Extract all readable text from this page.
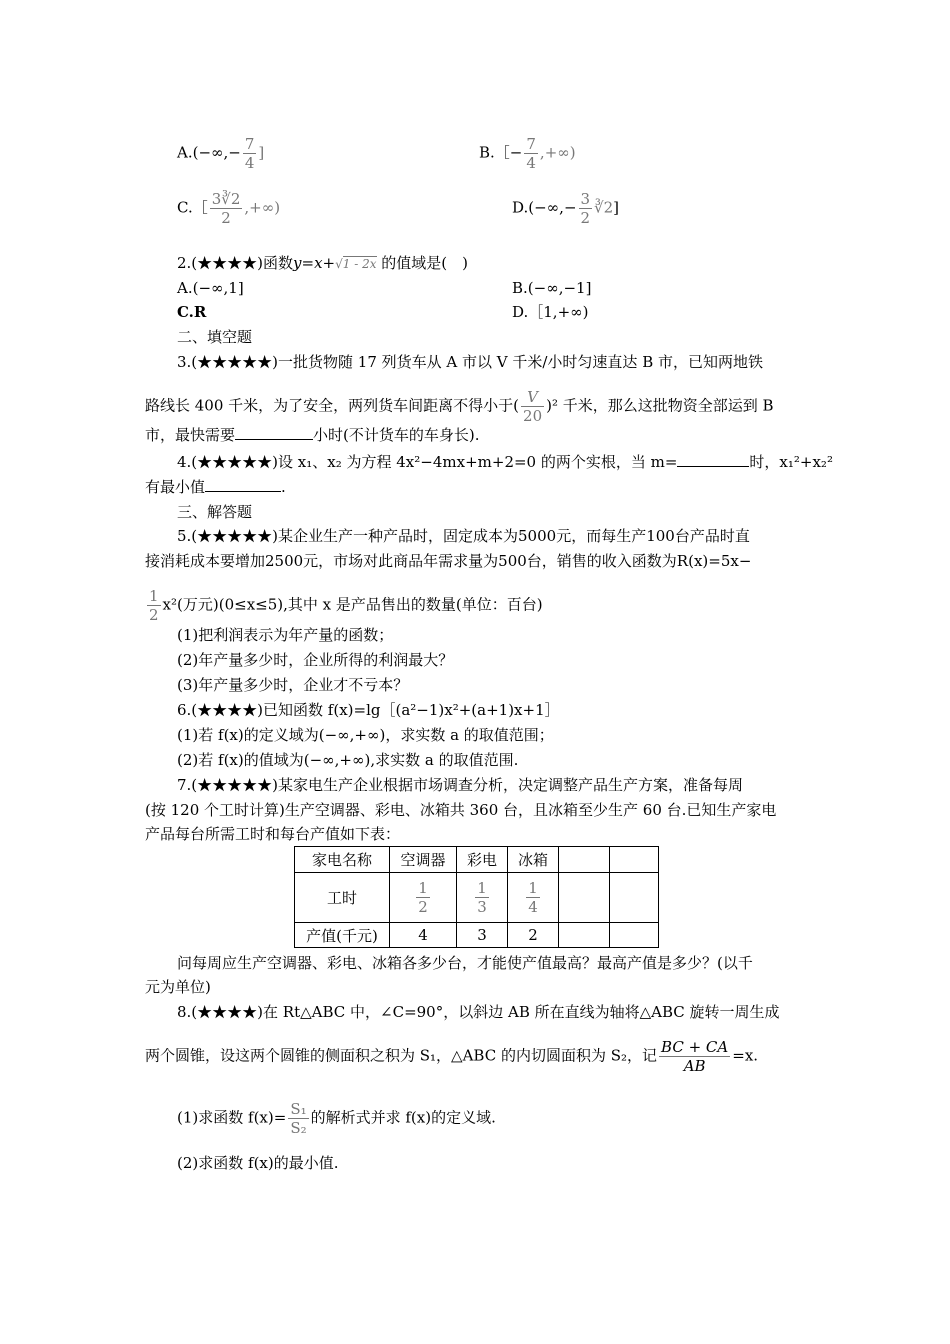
$A.(-\infty,- \frac{7}{4}$ ]	B.［− $\frac{7}{4}$ ,+∞)
C.［ $\frac{3∛2}{2}$ ,+∞)	$D.(-\infty,- \frac{3}{2}$ ∛2]
2.(★★★★)函数y=x+√1 - 2x 的值域是(　)
A.(−∞,1]	B.(−∞,−1]
C.R	D.［1,+∞)
二、填空题
3.(★★★★★)一批货物随 17 列货车从 A 市以 V 千米/小时匀速直达 B 市，已知两地铁
路线长 400 千米，为了安全，两列货车间距离不得小于( $\frac{V}{20} )^2$ 千米，那么这批物资全部运到 B
市，最快需要	小时(不计货车的车身长).
4.(★★★★★)设 x₁、x₂ 为方程 4x²−4mx+m+2=0 的两个实根，当 m=	时，x₁²+x₂²
有最小值	.
三、解答题
5.(★★★★★)某企业生产一种产品时，固定成本为5000元，而每生产100台产品时直
接消耗成本要增加2500元，市场对此商品年需求量为500台，销售的收入函数为R(x)=5x−
$\frac{1}{2} x^2$(万元)(0≤x≤5),其中 x 是产品售出的数量(单位：百台)
(1)把利润表示为年产量的函数；
(2)年产量多少时，企业所得的利润最大？
(3)年产量多少时，企业才不亏本？
6.(★★★★)已知函数 f(x)=lg［(a²−1)x²+(a+1)x+1］
(1)若 f(x)的定义域为(−∞,+∞)，求实数 a 的取值范围；
(2)若 f(x)的值域为(−∞,+∞),求实数 a 的取值范围.
7.(★★★★★)某家电生产企业根据市场调查分析，决定调整产品生产方案，准备每周
(按 120 个工时计算)生产空调器、彩电、冰箱共 360 台，且冰箱至少生产 60 台.已知生产家电
产品每台所需工时和每台产值如下表：
家电名称	空调器	彩电	冰箱		
工时	$\frac{1}{2}$	$\frac{1}{3}$	$\frac{1}{4}$

产值(千元)	4	3	2		
问每周应生产空调器、彩电、冰箱各多少台，才能使产值最高？最高产值是多少？(以千
元为单位)
8.(★★★★)在 Rt△ABC 中，∠C=90°，以斜边 AB 所在直线为轴将△ABC 旋转一周生成
两个圆锥，设这两个圆锥的侧面积之积为 S₁，△ABC 的内切圆面积为 S₂，记 $\frac{BC + CA}{AB} =x$.
(1)求函数 $f(x)= \frac{\text{S₁}}{\text{S₂}}$ 的解析式并求 f(x)的定义域.
(2)求函数 f(x)的最小值.
